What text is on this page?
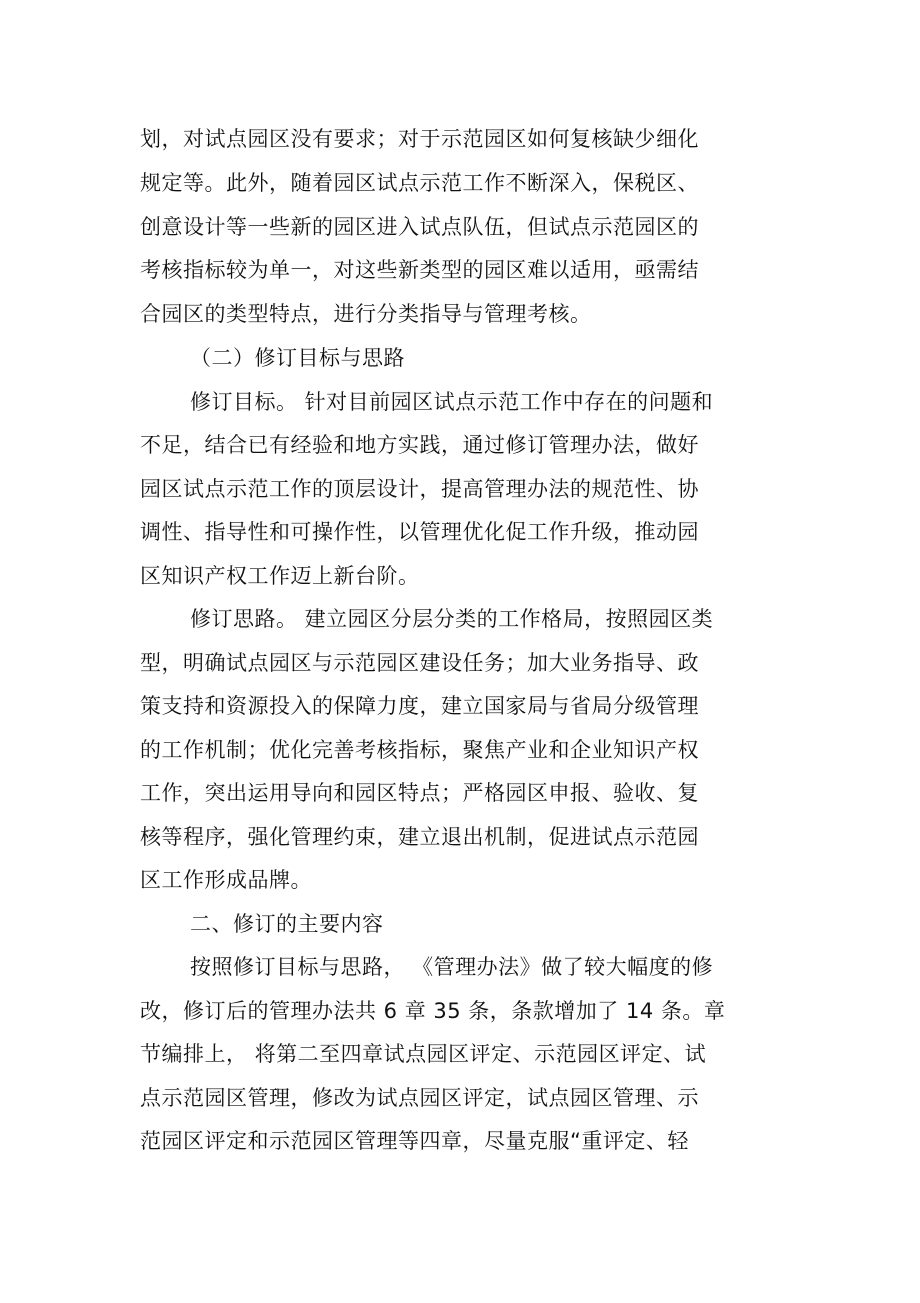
划，对试点园区没有要求；对于示范园区如何复核缺少细化
规定等。此外，随着园区试点示范工作不断深入，保税区、
创意设计等一些新的园区进入试点队伍，但试点示范园区的
考核指标较为单一，对这些新类型的园区难以适用，亟需结
合园区的类型特点，进行分类指导与管理考核。
（二）修订目标与思路
修订目标。 针对目前园区试点示范工作中存在的问题和
不足，结合已有经验和地方实践，通过修订管理办法，做好
园区试点示范工作的顶层设计，提高管理办法的规范性、协
调性、指导性和可操作性，以管理优化促工作升级，推动园
区知识产权工作迈上新台阶。
修订思路。 建立园区分层分类的工作格局，按照园区类
型，明确试点园区与示范园区建设任务；加大业务指导、政
策支持和资源投入的保障力度，建立国家局与省局分级管理
的工作机制；优化完善考核指标，聚焦产业和企业知识产权
工作，突出运用导向和园区特点；严格园区申报、验收、复
核等程序，强化管理约束，建立退出机制，促进试点示范园
区工作形成品牌。
二、修订的主要内容
按照修订目标与思路， 《管理办法》做了较大幅度的修
改，修订后的管理办法共 6 章 35 条，条款增加了 14 条。章
节编排上， 将第二至四章试点园区评定、示范园区评定、试
点示范园区管理，修改为试点园区评定，试点园区管理、示
范园区评定和示范园区管理等四章，尽量克服“重评定、轻
